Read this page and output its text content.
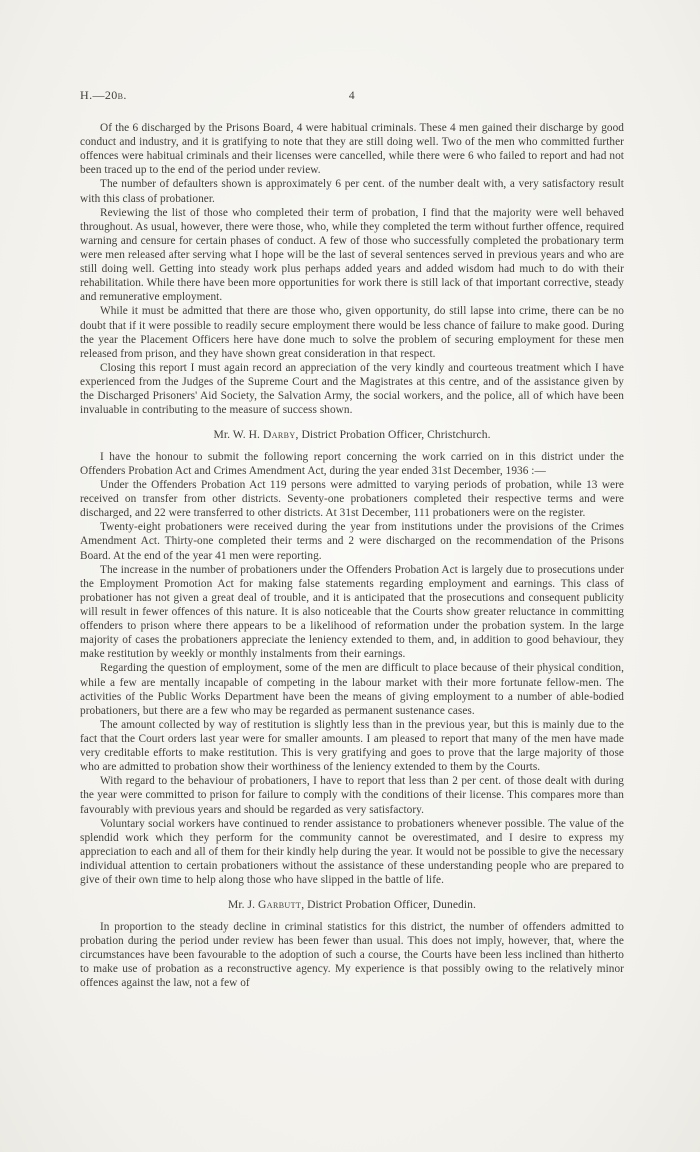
H.—20b.	4

Of the 6 discharged by the Prisons Board, 4 were habitual criminals. These 4 men gained their discharge by good conduct and industry, and it is gratifying to note that they are still doing well. Two of the men who committed further offences were habitual criminals and their licenses were cancelled, while there were 6 who failed to report and had not been traced up to the end of the period under review.

The number of defaulters shown is approximately 6 per cent. of the number dealt with, a very satisfactory result with this class of probationer.

Reviewing the list of those who completed their term of probation, I find that the majority were well behaved throughout. As usual, however, there were those, who, while they completed the term without further offence, required warning and censure for certain phases of conduct. A few of those who successfully completed the probationary term were men released after serving what I hope will be the last of several sentences served in previous years and who are still doing well. Getting into steady work plus perhaps added years and added wisdom had much to do with their rehabilitation. While there have been more opportunities for work there is still lack of that important corrective, steady and remunerative employment.

While it must be admitted that there are those who, given opportunity, do still lapse into crime, there can be no doubt that if it were possible to readily secure employment there would be less chance of failure to make good. During the year the Placement Officers here have done much to solve the problem of securing employment for these men released from prison, and they have shown great consideration in that respect.

Closing this report I must again record an appreciation of the very kindly and courteous treatment which I have experienced from the Judges of the Supreme Court and the Magistrates at this centre, and of the assistance given by the Discharged Prisoners' Aid Society, the Salvation Army, the social workers, and the police, all of which have been invaluable in contributing to the measure of success shown.

Mr. W. H. Darby, District Probation Officer, Christchurch.

I have the honour to submit the following report concerning the work carried on in this district under the Offenders Probation Act and Crimes Amendment Act, during the year ended 31st December, 1936 :—

Under the Offenders Probation Act 119 persons were admitted to varying periods of probation, while 13 were received on transfer from other districts. Seventy-one probationers completed their respective terms and were discharged, and 22 were transferred to other districts. At 31st December, 111 probationers were on the register.

Twenty-eight probationers were received during the year from institutions under the provisions of the Crimes Amendment Act. Thirty-one completed their terms and 2 were discharged on the recommendation of the Prisons Board. At the end of the year 41 men were reporting.

The increase in the number of probationers under the Offenders Probation Act is largely due to prosecutions under the Employment Promotion Act for making false statements regarding employment and earnings. This class of probationer has not given a great deal of trouble, and it is anticipated that the prosecutions and consequent publicity will result in fewer offences of this nature. It is also noticeable that the Courts show greater reluctance in committing offenders to prison where there appears to be a likelihood of reformation under the probation system. In the large majority of cases the probationers appreciate the leniency extended to them, and, in addition to good behaviour, they make restitution by weekly or monthly instalments from their earnings.

Regarding the question of employment, some of the men are difficult to place because of their physical condition, while a few are mentally incapable of competing in the labour market with their more fortunate fellow-men. The activities of the Public Works Department have been the means of giving employment to a number of able-bodied probationers, but there are a few who may be regarded as permanent sustenance cases.

The amount collected by way of restitution is slightly less than in the previous year, but this is mainly due to the fact that the Court orders last year were for smaller amounts. I am pleased to report that many of the men have made very creditable efforts to make restitution. This is very gratifying and goes to prove that the large majority of those who are admitted to probation show their worthiness of the leniency extended to them by the Courts.

With regard to the behaviour of probationers, I have to report that less than 2 per cent. of those dealt with during the year were committed to prison for failure to comply with the conditions of their license. This compares more than favourably with previous years and should be regarded as very satisfactory.

Voluntary social workers have continued to render assistance to probationers whenever possible. The value of the splendid work which they perform for the community cannot be overestimated, and I desire to express my appreciation to each and all of them for their kindly help during the year. It would not be possible to give the necessary individual attention to certain probationers without the assistance of these understanding people who are prepared to give of their own time to help along those who have slipped in the battle of life.

Mr. J. Garbutt, District Probation Officer, Dunedin.

In proportion to the steady decline in criminal statistics for this district, the number of offenders admitted to probation during the period under review has been fewer than usual. This does not imply, however, that, where the circumstances have been favourable to the adoption of such a course, the Courts have been less inclined than hitherto to make use of probation as a reconstructive agency. My experience is that possibly owing to the relatively minor offences against the law, not a few of
